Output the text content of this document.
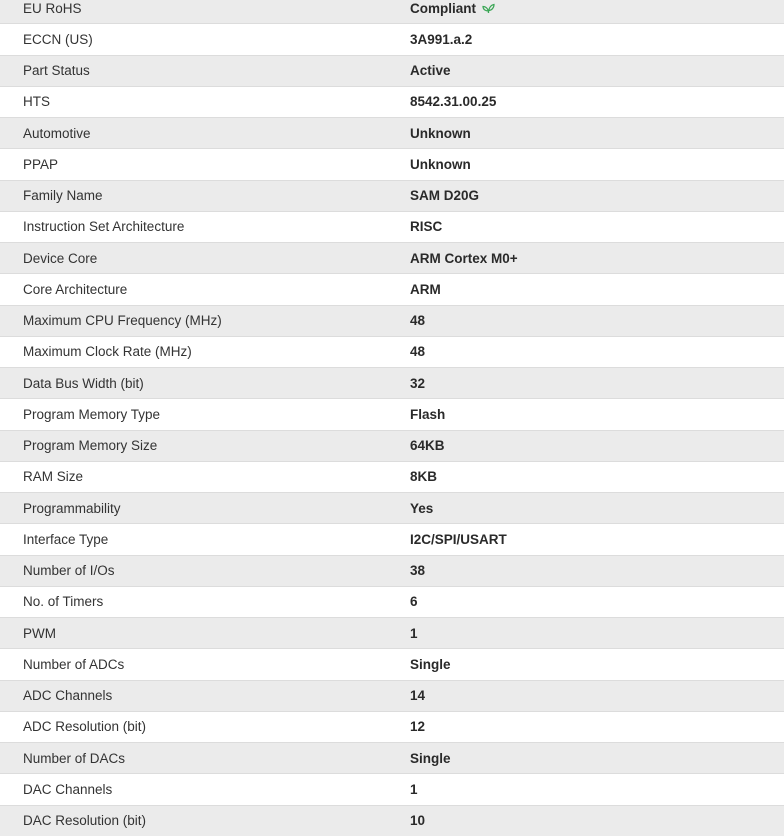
EU RoHS	Compliant
ECCN (US)	3A991.a.2
Part Status	Active
HTS	8542.31.00.25
Automotive	Unknown
PPAP	Unknown
Family Name	SAM D20G
Instruction Set Architecture	RISC
Device Core	ARM Cortex M0+
Core Architecture	ARM
Maximum CPU Frequency (MHz)	48
Maximum Clock Rate (MHz)	48
Data Bus Width (bit)	32
Program Memory Type	Flash
Program Memory Size	64KB
RAM Size	8KB
Programmability	Yes
Interface Type	I2C/SPI/USART
Number of I/Os	38
No. of Timers	6
PWM	1
Number of ADCs	Single
ADC Channels	14
ADC Resolution (bit)	12
Number of DACs	Single
DAC Channels	1
DAC Resolution (bit)	10
